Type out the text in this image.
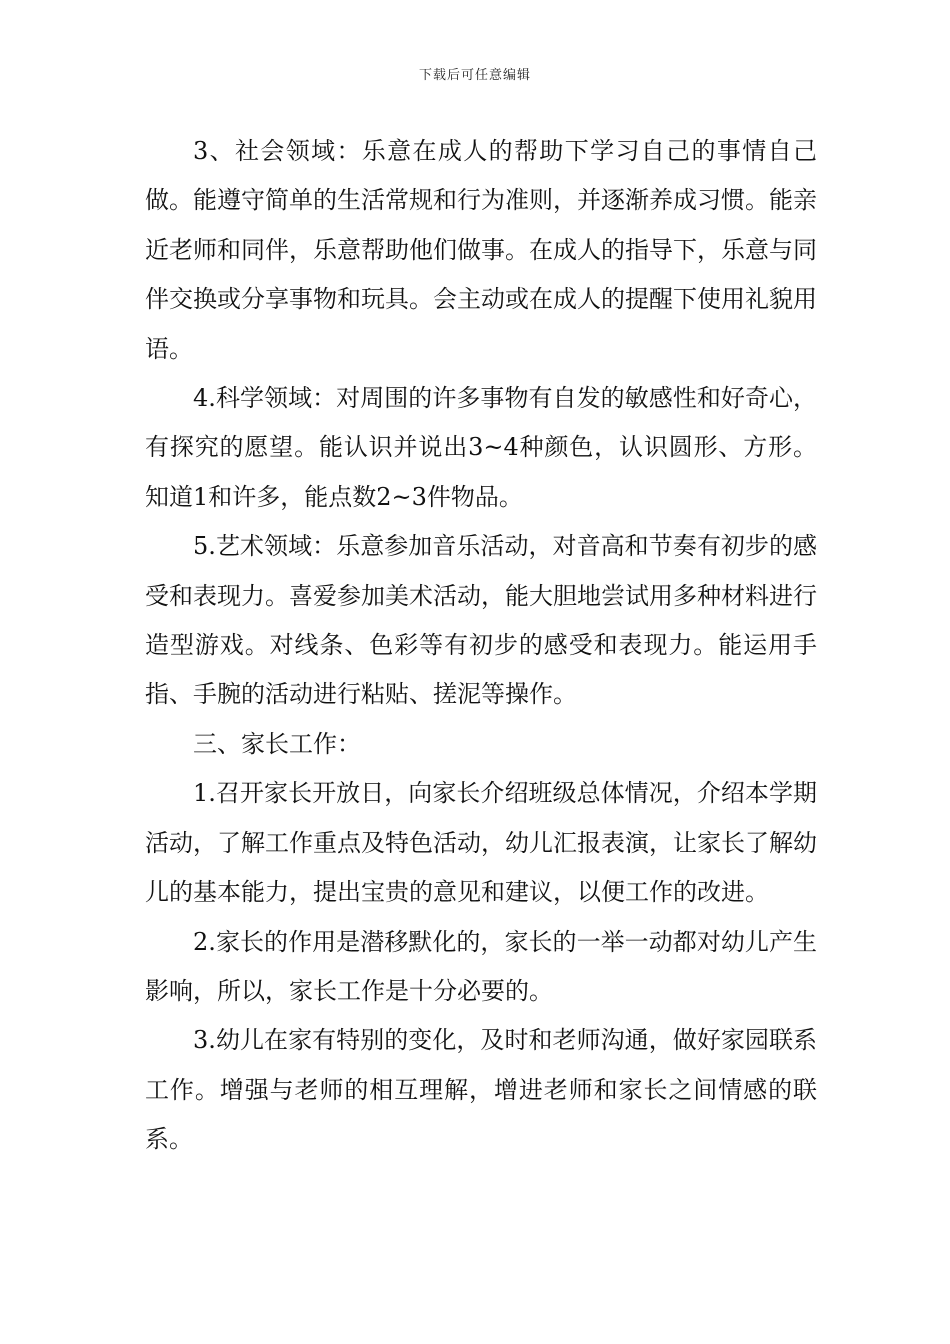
下载后可任意编辑

3、社会领域：乐意在成人的帮助下学习自己的事情自己做。能遵守简单的生活常规和行为准则，并逐渐养成习惯。能亲近老师和同伴，乐意帮助他们做事。在成人的指导下，乐意与同伴交换或分享事物和玩具。会主动或在成人的提醒下使用礼貌用语。

4.科学领域：对周围的许多事物有自发的敏感性和好奇心，有探究的愿望。能认识并说出3~4种颜色，认识圆形、方形。知道1和许多，能点数2~3件物品。

5.艺术领域：乐意参加音乐活动，对音高和节奏有初步的感受和表现力。喜爱参加美术活动，能大胆地尝试用多种材料进行造型游戏。对线条、色彩等有初步的感受和表现力。能运用手指、手腕的活动进行粘贴、搓泥等操作。

三、家长工作：

1.召开家长开放日，向家长介绍班级总体情况，介绍本学期活动，了解工作重点及特色活动，幼儿汇报表演，让家长了解幼儿的基本能力，提出宝贵的意见和建议，以便工作的改进。

2.家长的作用是潜移默化的，家长的一举一动都对幼儿产生影响，所以，家长工作是十分必要的。

3.幼儿在家有特别的变化，及时和老师沟通，做好家园联系工作。增强与老师的相互理解，增进老师和家长之间情感的联系。
